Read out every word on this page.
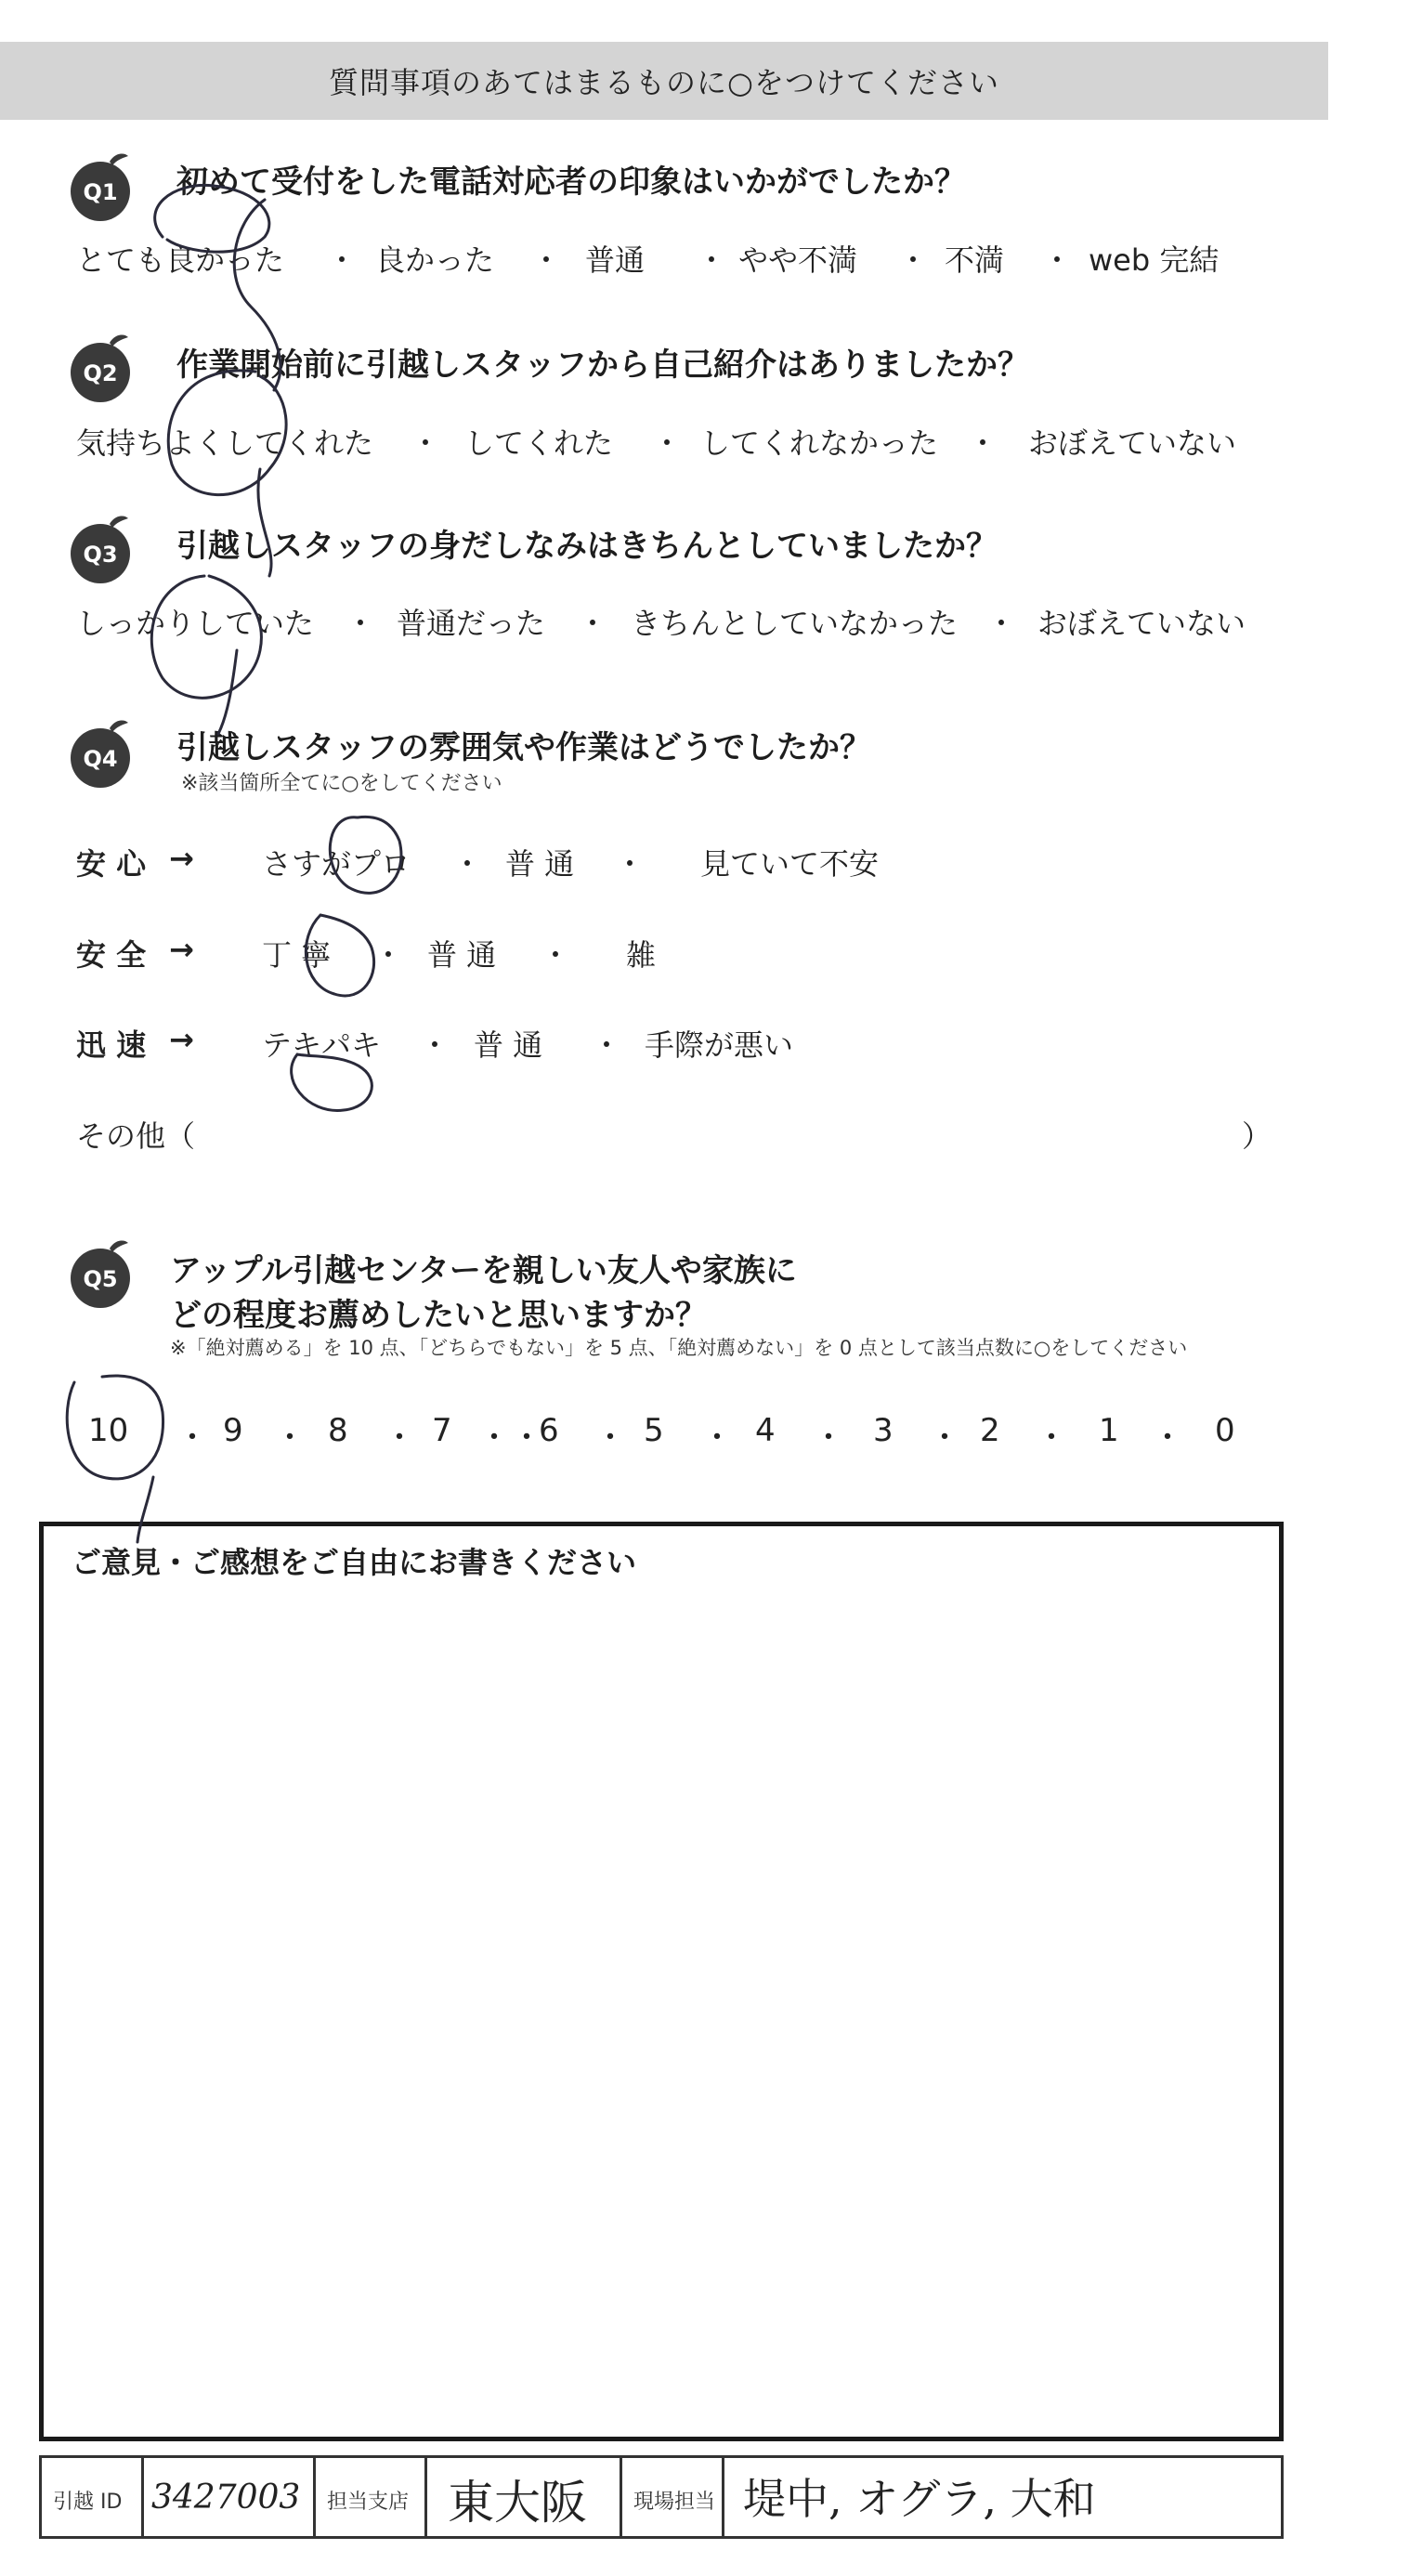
質問事項のあてはまるものに○をつけてください
Q1 初めて受付をした電話対応者の印象はいかがでしたか？
とても良かった ・ 良かった ・ 普通 ・ やや不満 ・ 不満 ・ web 完結
Q2 作業開始前に引越しスタッフから自己紹介はありましたか？
気持ちよくしてくれた ・ してくれた ・ してくれなかった ・ おぼえていない
Q3 引越しスタッフの身だしなみはきちんとしていましたか？
しっかりしていた ・ 普通だった ・ きちんとしていなかった ・ おぼえていない
Q4 引越しスタッフの雰囲気や作業はどうでしたか？
※該当箇所全てに○をしてください
安 心 → さすがプロ ・ 普 通 ・ 見ていて不安
安 全 → 丁 寧 ・ 普 通 ・ 雑
迅 速 → テキパキ ・ 普 通 ・ 手際が悪い
その他（	）
Q5 アップル引越センターを親しい友人や家族に
どの程度お薦めしたいと思いますか？
※「絶対薦める」を 10 点、「どちらでもない」を 5 点、「絶対薦めない」を 0 点として該当点数に○をしてください
10 ・ 9 ・ 8 ・ 7 ・ ・
6 ・ 5 ・ 4 ・ 3 ・ 2 ・ 1 ・ 0
ご意見・ご感想をご自由にお書きください
引越 ID 3427003 担当支店 東大阪 現場担当 堤中, オグラ, 大和
